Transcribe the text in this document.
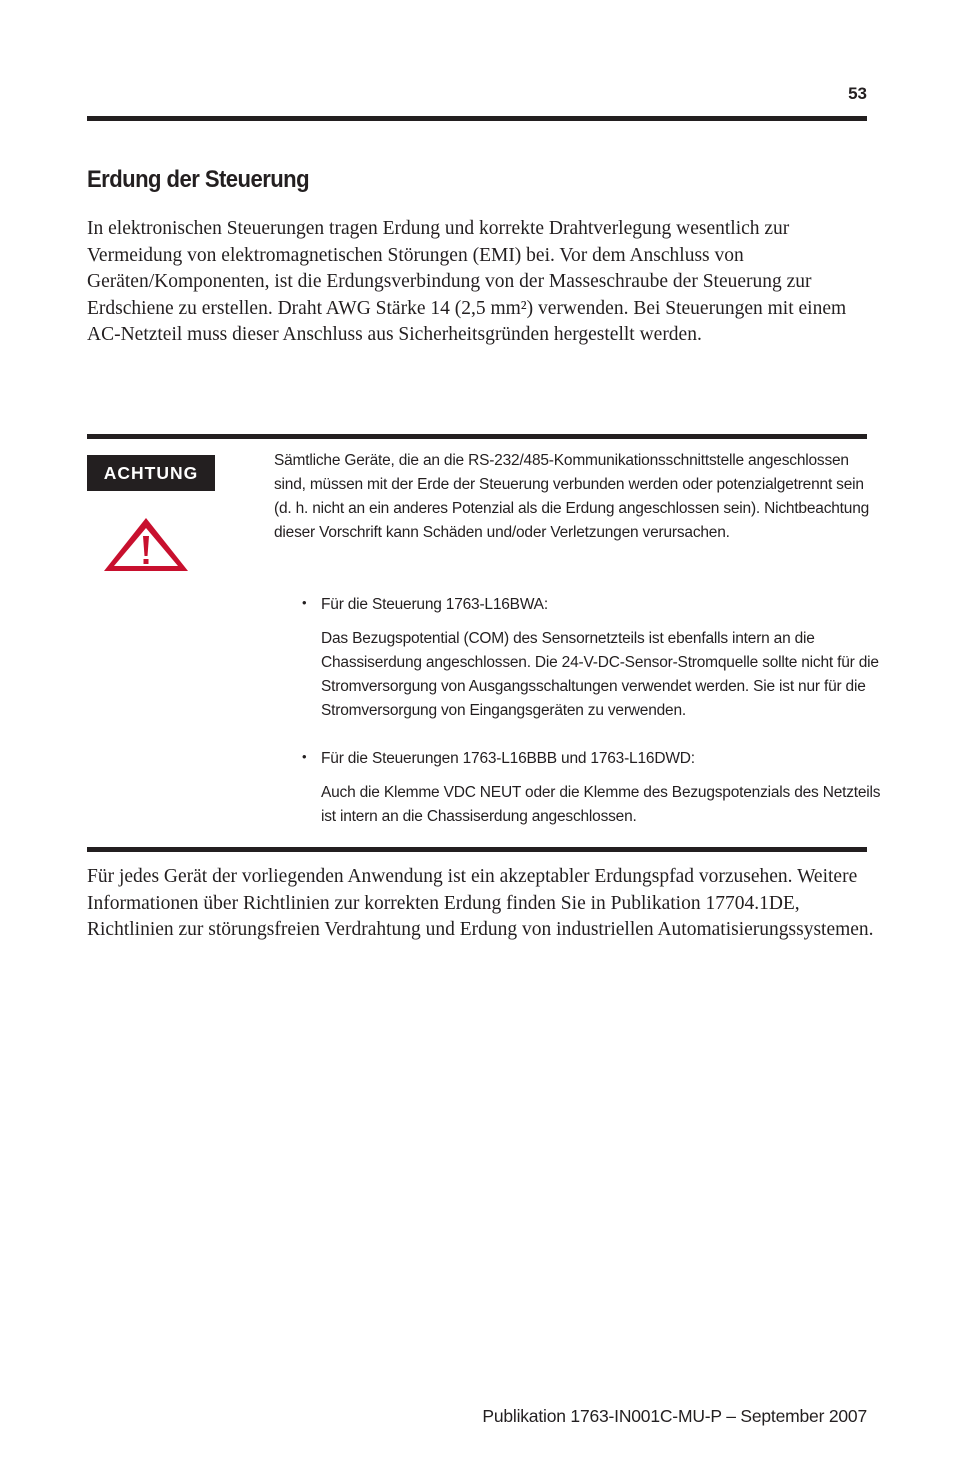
53
Erdung der Steuerung

In elektronischen Steuerungen tragen Erdung und korrekte Drahtverlegung wesentlich zur Vermeidung von elektromagnetischen Störungen (EMI) bei. Vor dem Anschluss von Geräten/Komponenten, ist die Erdungsverbindung von der Masseschraube der Steuerung zur Erdschiene zu erstellen. Draht AWG Stärke 14 (2,5 mm²) verwenden. Bei Steuerungen mit einem AC-Netzteil muss dieser Anschluss aus Sicherheitsgründen hergestellt werden.

ACHTUNG

Sämtliche Geräte, die an die RS-232/485-Kommunikationsschnittstelle angeschlossen sind, müssen mit der Erde der Steuerung verbunden werden oder potenzialgetrennt sein (d. h. nicht an ein anderes Potenzial als die Erdung angeschlossen sein). Nichtbeachtung dieser Vorschrift kann Schäden und/oder Verletzungen verursachen.

• Für die Steuerung 1763-L16BWA:

Das Bezugspotential (COM) des Sensornetzteils ist ebenfalls intern an die Chassiserdung angeschlossen. Die 24-V-DC-Sensor-Stromquelle sollte nicht für die Stromversorgung von Ausgangsschaltungen verwendet werden. Sie ist nur für die Stromversorgung von Eingangsgeräten zu verwenden.

• Für die Steuerungen 1763-L16BBB und 1763-L16DWD:

Auch die Klemme VDC NEUT oder die Klemme des Bezugspotenzials des Netzteils ist intern an die Chassiserdung angeschlossen.

Für jedes Gerät der vorliegenden Anwendung ist ein akzeptabler Erdungspfad vorzusehen. Weitere Informationen über Richtlinien zur korrekten Erdung finden Sie in Publikation 17704.1DE, Richtlinien zur störungsfreien Verdrahtung und Erdung von industriellen Automatisierungssystemen.

Publikation 1763-IN001C-MU-P – September 2007
